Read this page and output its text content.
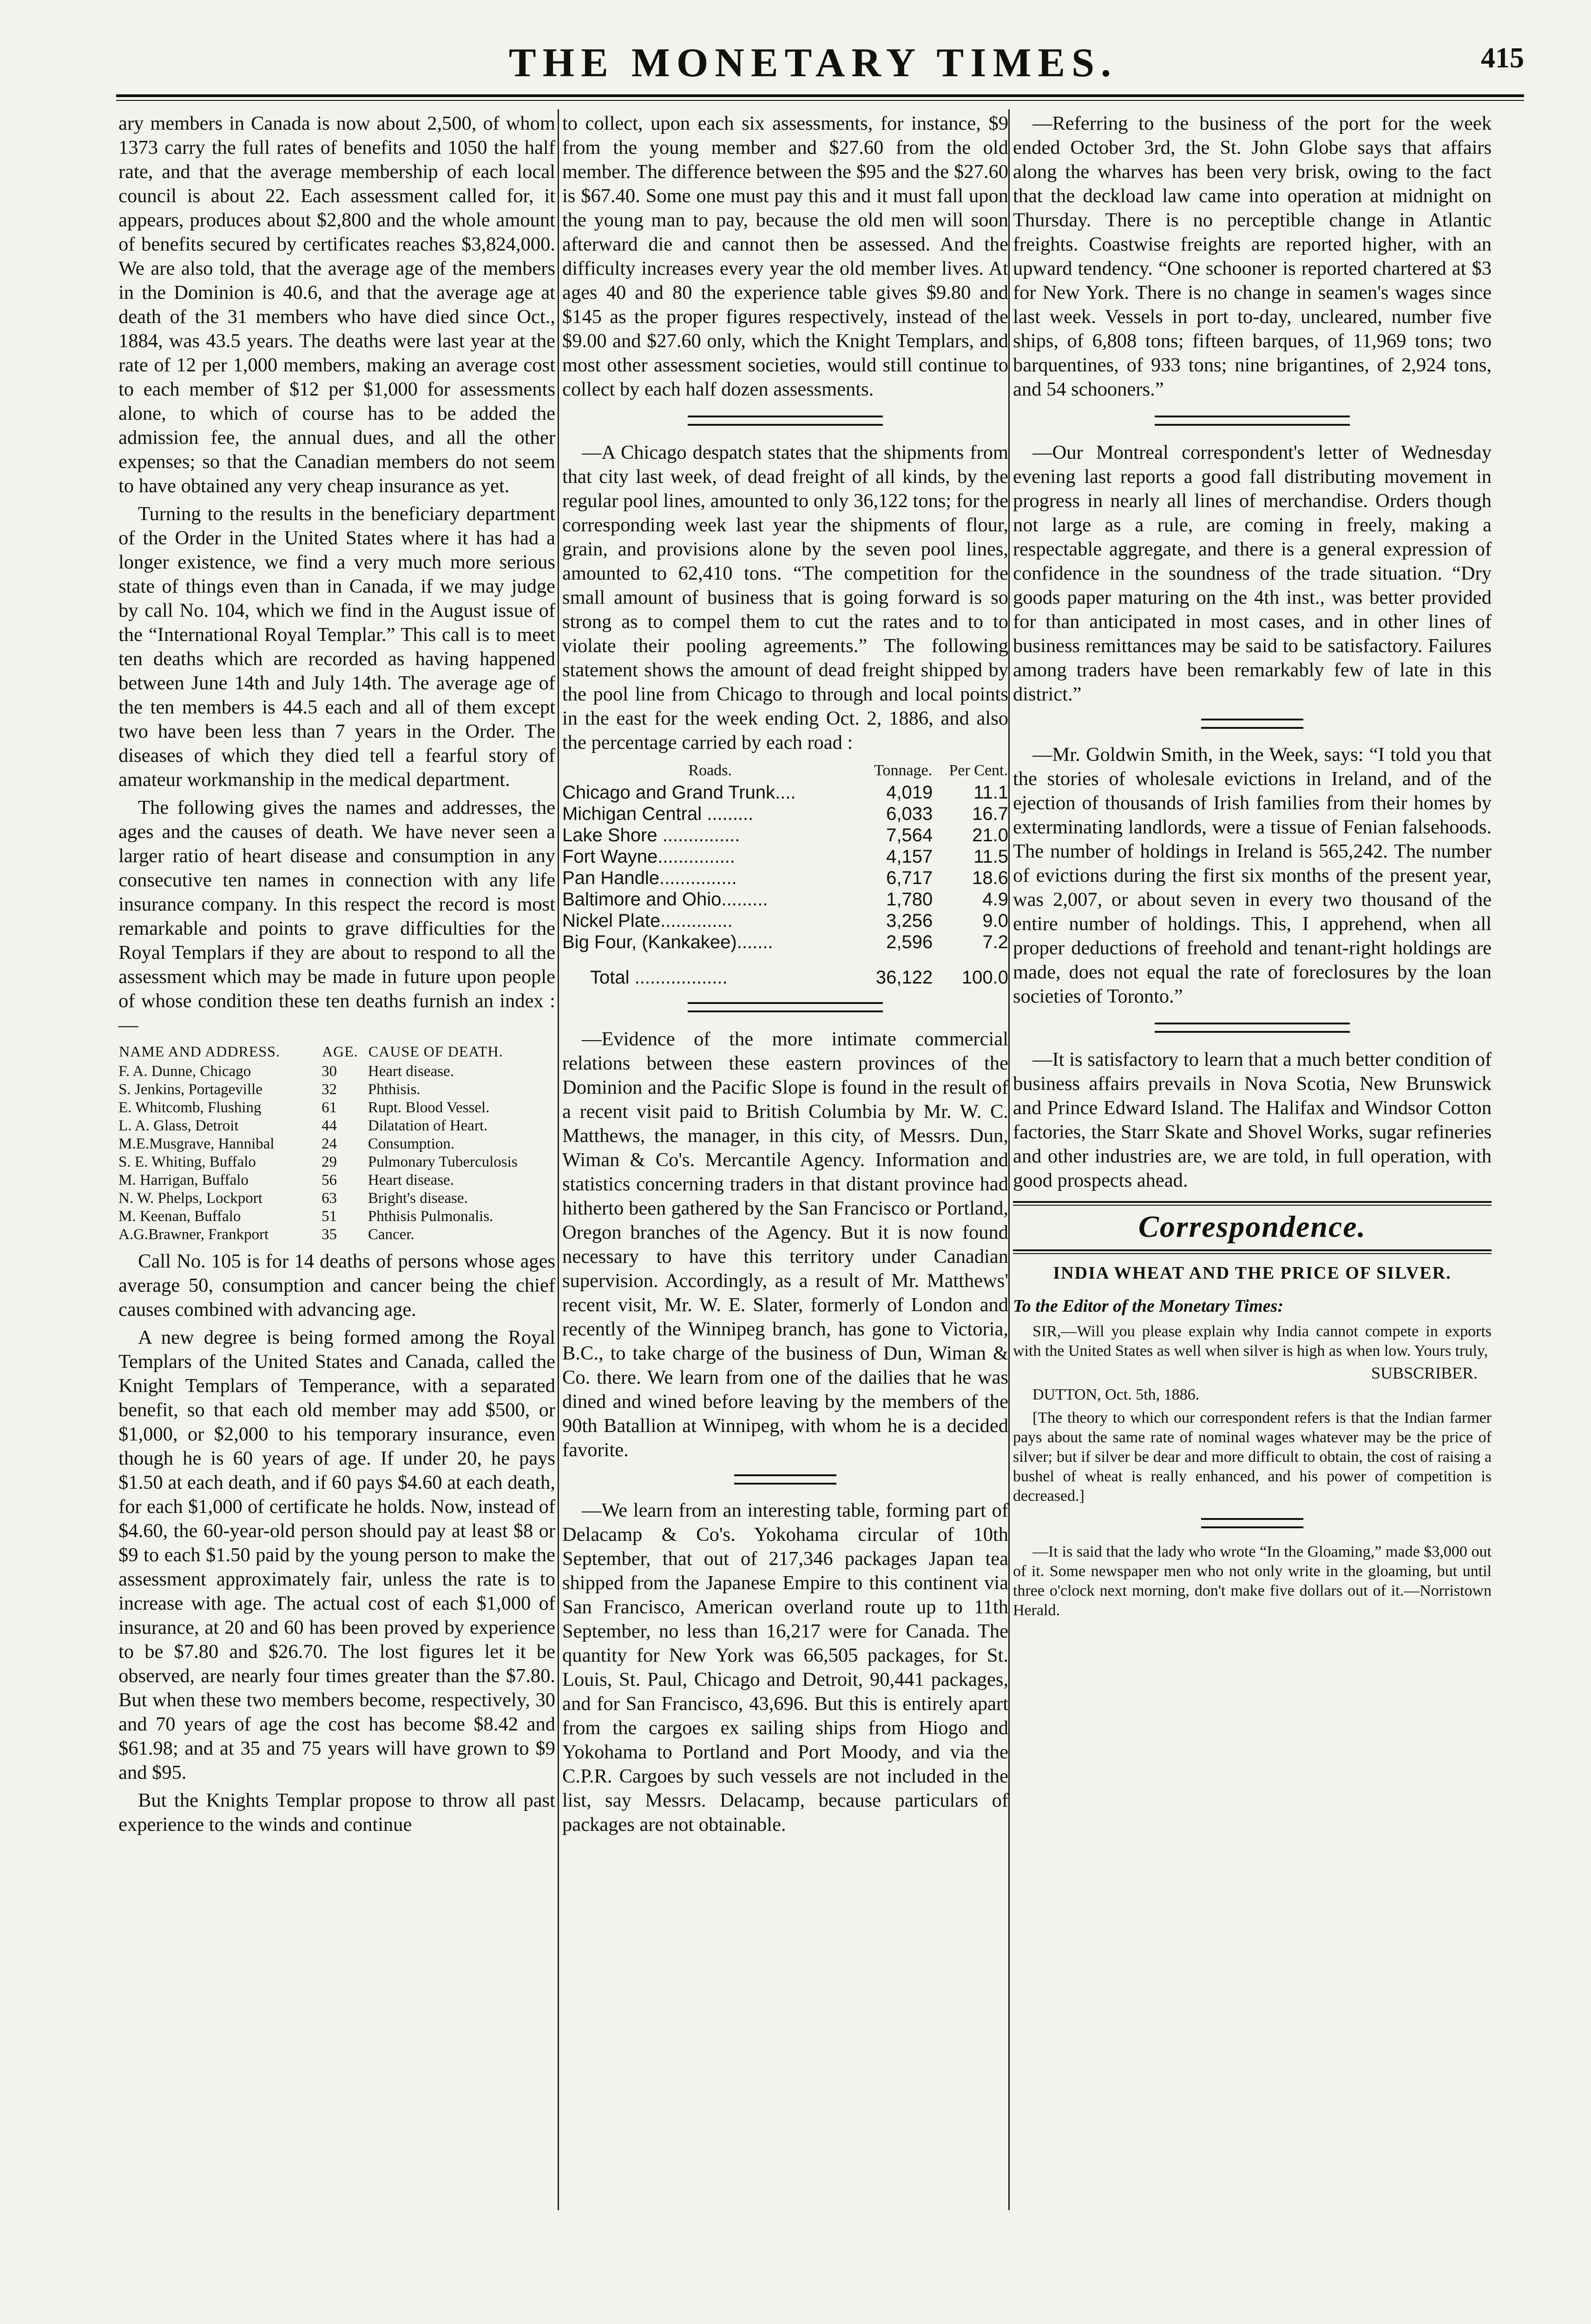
THE MONETARY TIMES.	415

ary members in Canada is now about 2,500, of whom 1373 carry the full rates of benefits and 1050 the half rate, and that the average membership of each local council is about 22. Each assessment called for, it appears, produces about $2,800 and the whole amount of benefits secured by certificates reaches $3,824,000. We are also told, that the average age of the members in the Dominion is 40.6, and that the average age at death of the 31 members who have died since Oct., 1884, was 43.5 years. The deaths were last year at the rate of 12 per 1,000 members, making an average cost to each member of $12 per $1,000 for assessments alone, to which of course has to be added the admission fee, the annual dues, and all the other expenses; so that the Canadian members do not seem to have obtained any very cheap insurance as yet.

Turning to the results in the beneficiary department of the Order in the United States where it has had a longer existence, we find a very much more serious state of things even than in Canada, if we may judge by call No. 104, which we find in the August issue of the “International Royal Templar.” This call is to meet ten deaths which are recorded as having happened between June 14th and July 14th. The average age of the ten members is 44.5 each and all of them except two have been less than 7 years in the Order. The diseases of which they died tell a fearful story of amateur workmanship in the medical department.

The following gives the names and addresses, the ages and the causes of death. We have never seen a larger ratio of heart disease and consumption in any consecutive ten names in connection with any life insurance company. In this respect the record is most remarkable and points to grave difficulties for the Royal Templars if they are about to respond to all the assessment which may be made in future upon people of whose condition these ten deaths furnish an index :—

NAME AND ADDRESS.	AGE.	CAUSE OF DEATH.
F. A. Dunne, Chicago	30	Heart disease.
S. Jenkins, Portageville	32	Phthisis.
E. Whitcomb, Flushing	61	Rupt. Blood Vessel.
L. A. Glass, Detroit	44	Dilatation of Heart.
M.E.Musgrave, Hannibal	24	Consumption.
S. E. Whiting, Buffalo	29	Pulmonary Tuberculosis
M. Harrigan, Buffalo	56	Heart disease.
N. W. Phelps, Lockport	63	Bright's disease.
M. Keenan, Buffalo	51	Phthisis Pulmonalis.
A.G.Brawner, Frankport	35	Cancer.

Call No. 105 is for 14 deaths of persons whose ages average 50, consumption and cancer being the chief causes combined with advancing age.

A new degree is being formed among the Royal Templars of the United States and Canada, called the Knight Templars of Temperance, with a separated benefit, so that each old member may add $500, or $1,000, or $2,000 to his temporary insurance, even though he is 60 years of age. If under 20, he pays $1.50 at each death, and if 60 pays $4.60 at each death, for each $1,000 of certificate he holds. Now, instead of $4.60, the 60-year-old person should pay at least $8 or $9 to each $1.50 paid by the young person to make the assessment approximately fair, unless the rate is to increase with age. The actual cost of each $1,000 of insurance, at 20 and 60 has been proved by experience to be $7.80 and $26.70. The lost figures let it be observed, are nearly four times greater than the $7.80. But when these two members become, respectively, 30 and 70 years of age the cost has become $8.42 and $61.98; and at 35 and 75 years will have grown to $9 and $95.

But the Knights Templar propose to throw all past experience to the winds and continue

to collect, upon each six assessments, for instance, $9 from the young member and $27.60 from the old member. The difference between the $95 and the $27.60 is $67.40. Some one must pay this and it must fall upon the young man to pay, because the old men will soon afterward die and cannot then be assessed. And the difficulty increases every year the old member lives. At ages 40 and 80 the experience table gives $9.80 and $145 as the proper figures respectively, instead of the $9.00 and $27.60 only, which the Knight Templars, and most other assessment societies, would still continue to collect by each half dozen assessments.

—A Chicago despatch states that the shipments from that city last week, of dead freight of all kinds, by the regular pool lines, amounted to only 36,122 tons; for the corresponding week last year the shipments of flour, grain, and provisions alone by the seven pool lines, amounted to 62,410 tons. “The competition for the small amount of business that is going forward is so strong as to compel them to cut the rates and to to violate their pooling agreements.” The following statement shows the amount of dead freight shipped by the pool line from Chicago to through and local points in the east for the week ending Oct. 2, 1886, and also the percentage carried by each road :

Roads.	Tonnage.	Per Cent.
Chicago and Grand Trunk....	4,019	11.1
Michigan Central .........	6,033	16.7
Lake Shore ...............	7,564	21.0
Fort Wayne...............	4,157	11.5
Pan Handle...............	6,717	18.6
Baltimore and Ohio.........	1,780	4.9
Nickel Plate..............	3,256	9.0
Big Four, (Kankakee).......	2,596	7.2
Total ..................	36,122	100.0

—Evidence of the more intimate commercial relations between these eastern provinces of the Dominion and the Pacific Slope is found in the result of a recent visit paid to British Columbia by Mr. W. C. Matthews, the manager, in this city, of Messrs. Dun, Wiman & Co's. Mercantile Agency. Information and statistics concerning traders in that distant province had hitherto been gathered by the San Francisco or Portland, Oregon branches of the Agency. But it is now found necessary to have this territory under Canadian supervision. Accordingly, as a result of Mr. Matthews' recent visit, Mr. W. E. Slater, formerly of London and recently of the Winnipeg branch, has gone to Victoria, B.C., to take charge of the business of Dun, Wiman & Co. there. We learn from one of the dailies that he was dined and wined before leaving by the members of the 90th Batallion at Winnipeg, with whom he is a decided favorite.

—We learn from an interesting table, forming part of Delacamp & Co's. Yokohama circular of 10th September, that out of 217,346 packages Japan tea shipped from the Japanese Empire to this continent via San Francisco, American overland route up to 11th September, no less than 16,217 were for Canada. The quantity for New York was 66,505 packages, for St. Louis, St. Paul, Chicago and Detroit, 90,441 packages, and for San Francisco, 43,696. But this is entirely apart from the cargoes ex sailing ships from Hiogo and Yokohama to Portland and Port Moody, and via the C.P.R. Cargoes by such vessels are not included in the list, say Messrs. Delacamp, because particulars of packages are not obtainable.

—Referring to the business of the port for the week ended October 3rd, the St. John Globe says that affairs along the wharves has been very brisk, owing to the fact that the deckload law came into operation at midnight on Thursday. There is no perceptible change in Atlantic freights. Coastwise freights are reported higher, with an upward tendency. “One schooner is reported chartered at $3 for New York. There is no change in seamen's wages since last week. Vessels in port to-day, uncleared, number five ships, of 6,808 tons; fifteen barques, of 11,969 tons; two barquentines, of 933 tons; nine brigantines, of 2,924 tons, and 54 schooners.”

—Our Montreal correspondent's letter of Wednesday evening last reports a good fall distributing movement in progress in nearly all lines of merchandise. Orders though not large as a rule, are coming in freely, making a respectable aggregate, and there is a general expression of confidence in the soundness of the trade situation. “Dry goods paper maturing on the 4th inst., was better provided for than anticipated in most cases, and in other lines of business remittances may be said to be satisfactory. Failures among traders have been remarkably few of late in this district.”

—Mr. Goldwin Smith, in the Week, says: “I told you that the stories of wholesale evictions in Ireland, and of the ejection of thousands of Irish families from their homes by exterminating landlords, were a tissue of Fenian falsehoods. The number of holdings in Ireland is 565,242. The number of evictions during the first six months of the present year, was 2,007, or about seven in every two thousand of the entire number of holdings. This, I apprehend, when all proper deductions of freehold and tenant-right holdings are made, does not equal the rate of foreclosures by the loan societies of Toronto.”

—It is satisfactory to learn that a much better condition of business affairs prevails in Nova Scotia, New Brunswick and Prince Edward Island. The Halifax and Windsor Cotton factories, the Starr Skate and Shovel Works, sugar refineries and other industries are, we are told, in full operation, with good prospects ahead.

Correspondence.
INDIA WHEAT AND THE PRICE OF SILVER.
To the Editor of the Monetary Times:

SIR,—Will you please explain why India cannot compete in exports with the United States as well when silver is high as when low. Yours truly,

SUBSCRIBER.

DUTTON, Oct. 5th, 1886.

[The theory to which our correspondent refers is that the Indian farmer pays about the same rate of nominal wages whatever may be the price of silver; but if silver be dear and more difficult to obtain, the cost of raising a bushel of wheat is really enhanced, and his power of competition is decreased.]

—It is said that the lady who wrote “In the Gloaming,” made $3,000 out of it. Some newspaper men who not only write in the gloaming, but until three o'clock next morning, don't make five dollars out of it.—Norristown Herald.
